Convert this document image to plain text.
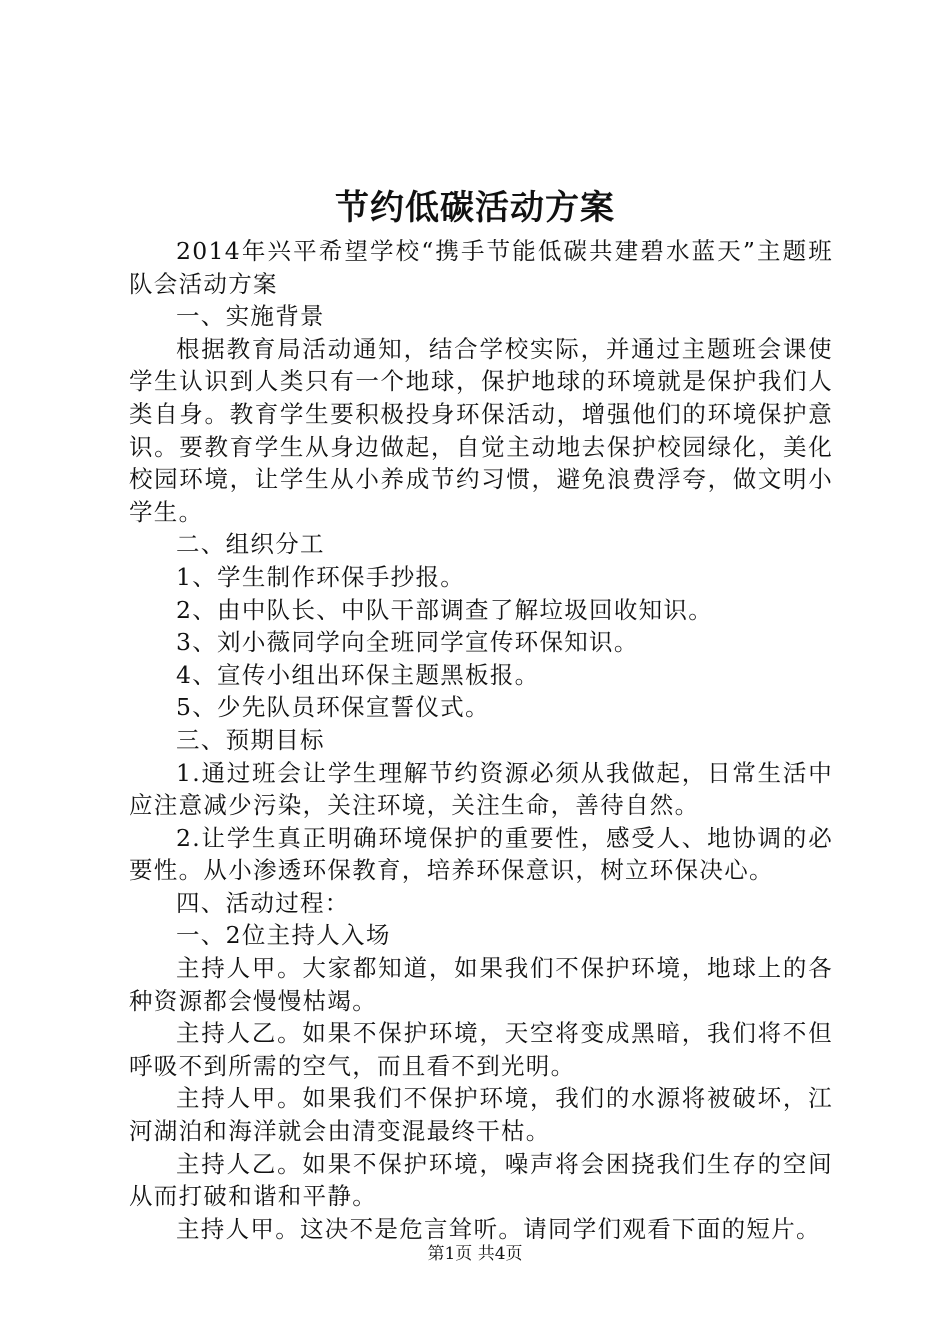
节约低碳活动方案

2014年兴平希望学校“携手节能低碳共建碧水蓝天”主题班队会活动方案

一、实施背景

根据教育局活动通知，结合学校实际，并通过主题班会课使学生认识到人类只有一个地球，保护地球的环境就是保护我们人类自身。教育学生要积极投身环保活动，增强他们的环境保护意识。要教育学生从身边做起，自觉主动地去保护校园绿化，美化校园环境，让学生从小养成节约习惯，避免浪费浮夸，做文明小学生。

二、组织分工

1、学生制作环保手抄报。

2、由中队长、中队干部调查了解垃圾回收知识。

3、刘小薇同学向全班同学宣传环保知识。

4、宣传小组出环保主题黑板报。

5、少先队员环保宣誓仪式。

三、预期目标

1.通过班会让学生理解节约资源必须从我做起，日常生活中应注意减少污染，关注环境，关注生命，善待自然。

2.让学生真正明确环境保护的重要性，感受人、地协调的必要性。从小渗透环保教育，培养环保意识，树立环保决心。

四、活动过程：

一、2位主持人入场

主持人甲。大家都知道，如果我们不保护环境，地球上的各种资源都会慢慢枯竭。

主持人乙。如果不保护环境，天空将变成黑暗，我们将不但呼吸不到所需的空气，而且看不到光明。

主持人甲。如果我们不保护环境，我们的水源将被破坏，江河湖泊和海洋就会由清变混最终干枯。

主持人乙。如果不保护环境，噪声将会困挠我们生存的空间从而打破和谐和平静。

主持人甲。这决不是危言耸听。请同学们观看下面的短片。

第1页 共4页
